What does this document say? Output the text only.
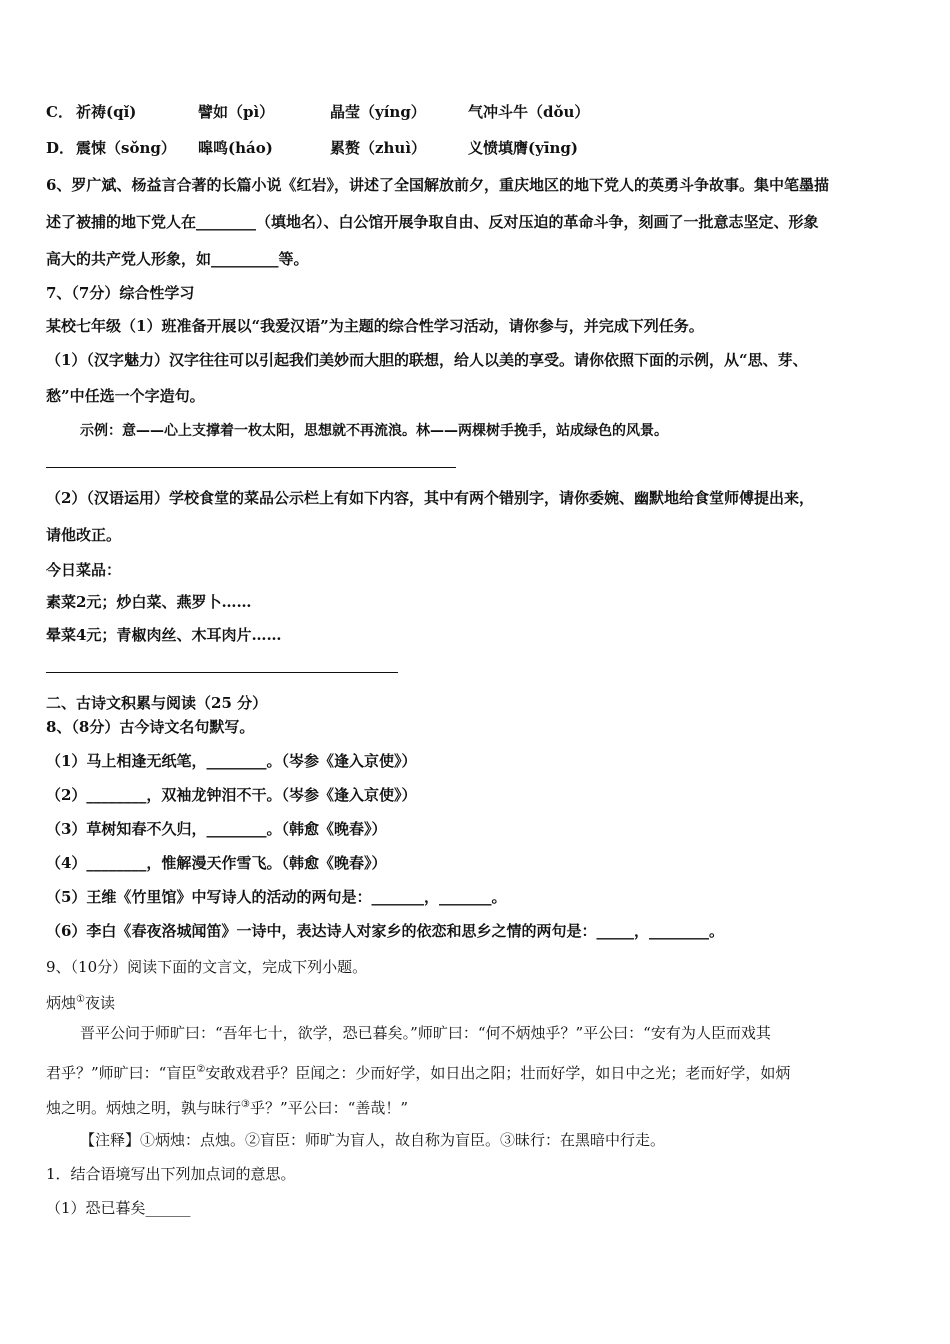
C． 祈祷(qǐ)	譬如（pì）	晶莹（yíng）	气冲斗牛（dǒu）
D． 震悚（sǒng） 嗥鸣(háo)	累赘（zhuì）	义愤填膺(yīng)
6、罗广斌、杨益言合著的长篇小说《红岩》，讲述了全国解放前夕，重庆地区的地下党人的英勇斗争故事。集中笔墨描
述了被捕的地下党人在________（填地名）、白公馆开展争取自由、反对压迫的革命斗争，刻画了一批意志坚定、形象
高大的共产党人形象，如_________等。
7、（7分）综合性学习
某校七年级（1）班准备开展以“我爱汉语”为主题的综合性学习活动，请你参与，并完成下列任务。
（1）（汉字魅力）汉字往往可以引起我们美妙而大胆的联想，给人以美的享受。请你依照下面的示例，从“思、芽、
愁”中任选一个字造句。
示例：意——心上支撑着一枚太阳，思想就不再流浪。林——两棵树手挽手，站成绿色的风景。
（2）（汉语运用）学校食堂的菜品公示栏上有如下内容，其中有两个错别字，请你委婉、幽默地给食堂师傅提出来，
请他改正。
今日菜品：
素菜2元；炒白菜、燕罗卜……
晕菜4元；青椒肉丝、木耳肉片……
二、古诗文积累与阅读（25 分）
8、（8分）古今诗文名句默写。
（1）马上相逢无纸笔，________。（岑参《逢入京使》）
（2）________，双袖龙钟泪不干。（岑参《逢入京使》）
（3）草树知春不久归，________。（韩愈《晚春》）
（4）________，惟解漫天作雪飞。（韩愈《晚春》）
（5）王维《竹里馆》中写诗人的活动的两句是：_______，_______。
（6）李白《春夜洛城闻笛》一诗中，表达诗人对家乡的依恋和思乡之情的两句是：_____，________。
9、（10分）阅读下面的文言文，完成下列小题。
炳烛①夜读
晋平公问于师旷曰：“吾年七十，欲学，恐已暮矣。”师旷曰：“何不炳烛乎？”平公曰：“安有为人臣而戏其
君乎？”师旷曰：“盲臣②安敢戏君乎？臣闻之：少而好学，如日出之阳；壮而好学，如日中之光；老而好学，如炳
烛之明。炳烛之明，孰与昧行③乎？”平公曰：“善哉！”
【注释】①炳烛：点烛。②盲臣：师旷为盲人，故自称为盲臣。③昧行：在黑暗中行走。
1．结合语境写出下列加点词的意思。
（1）恐已暮矣______
